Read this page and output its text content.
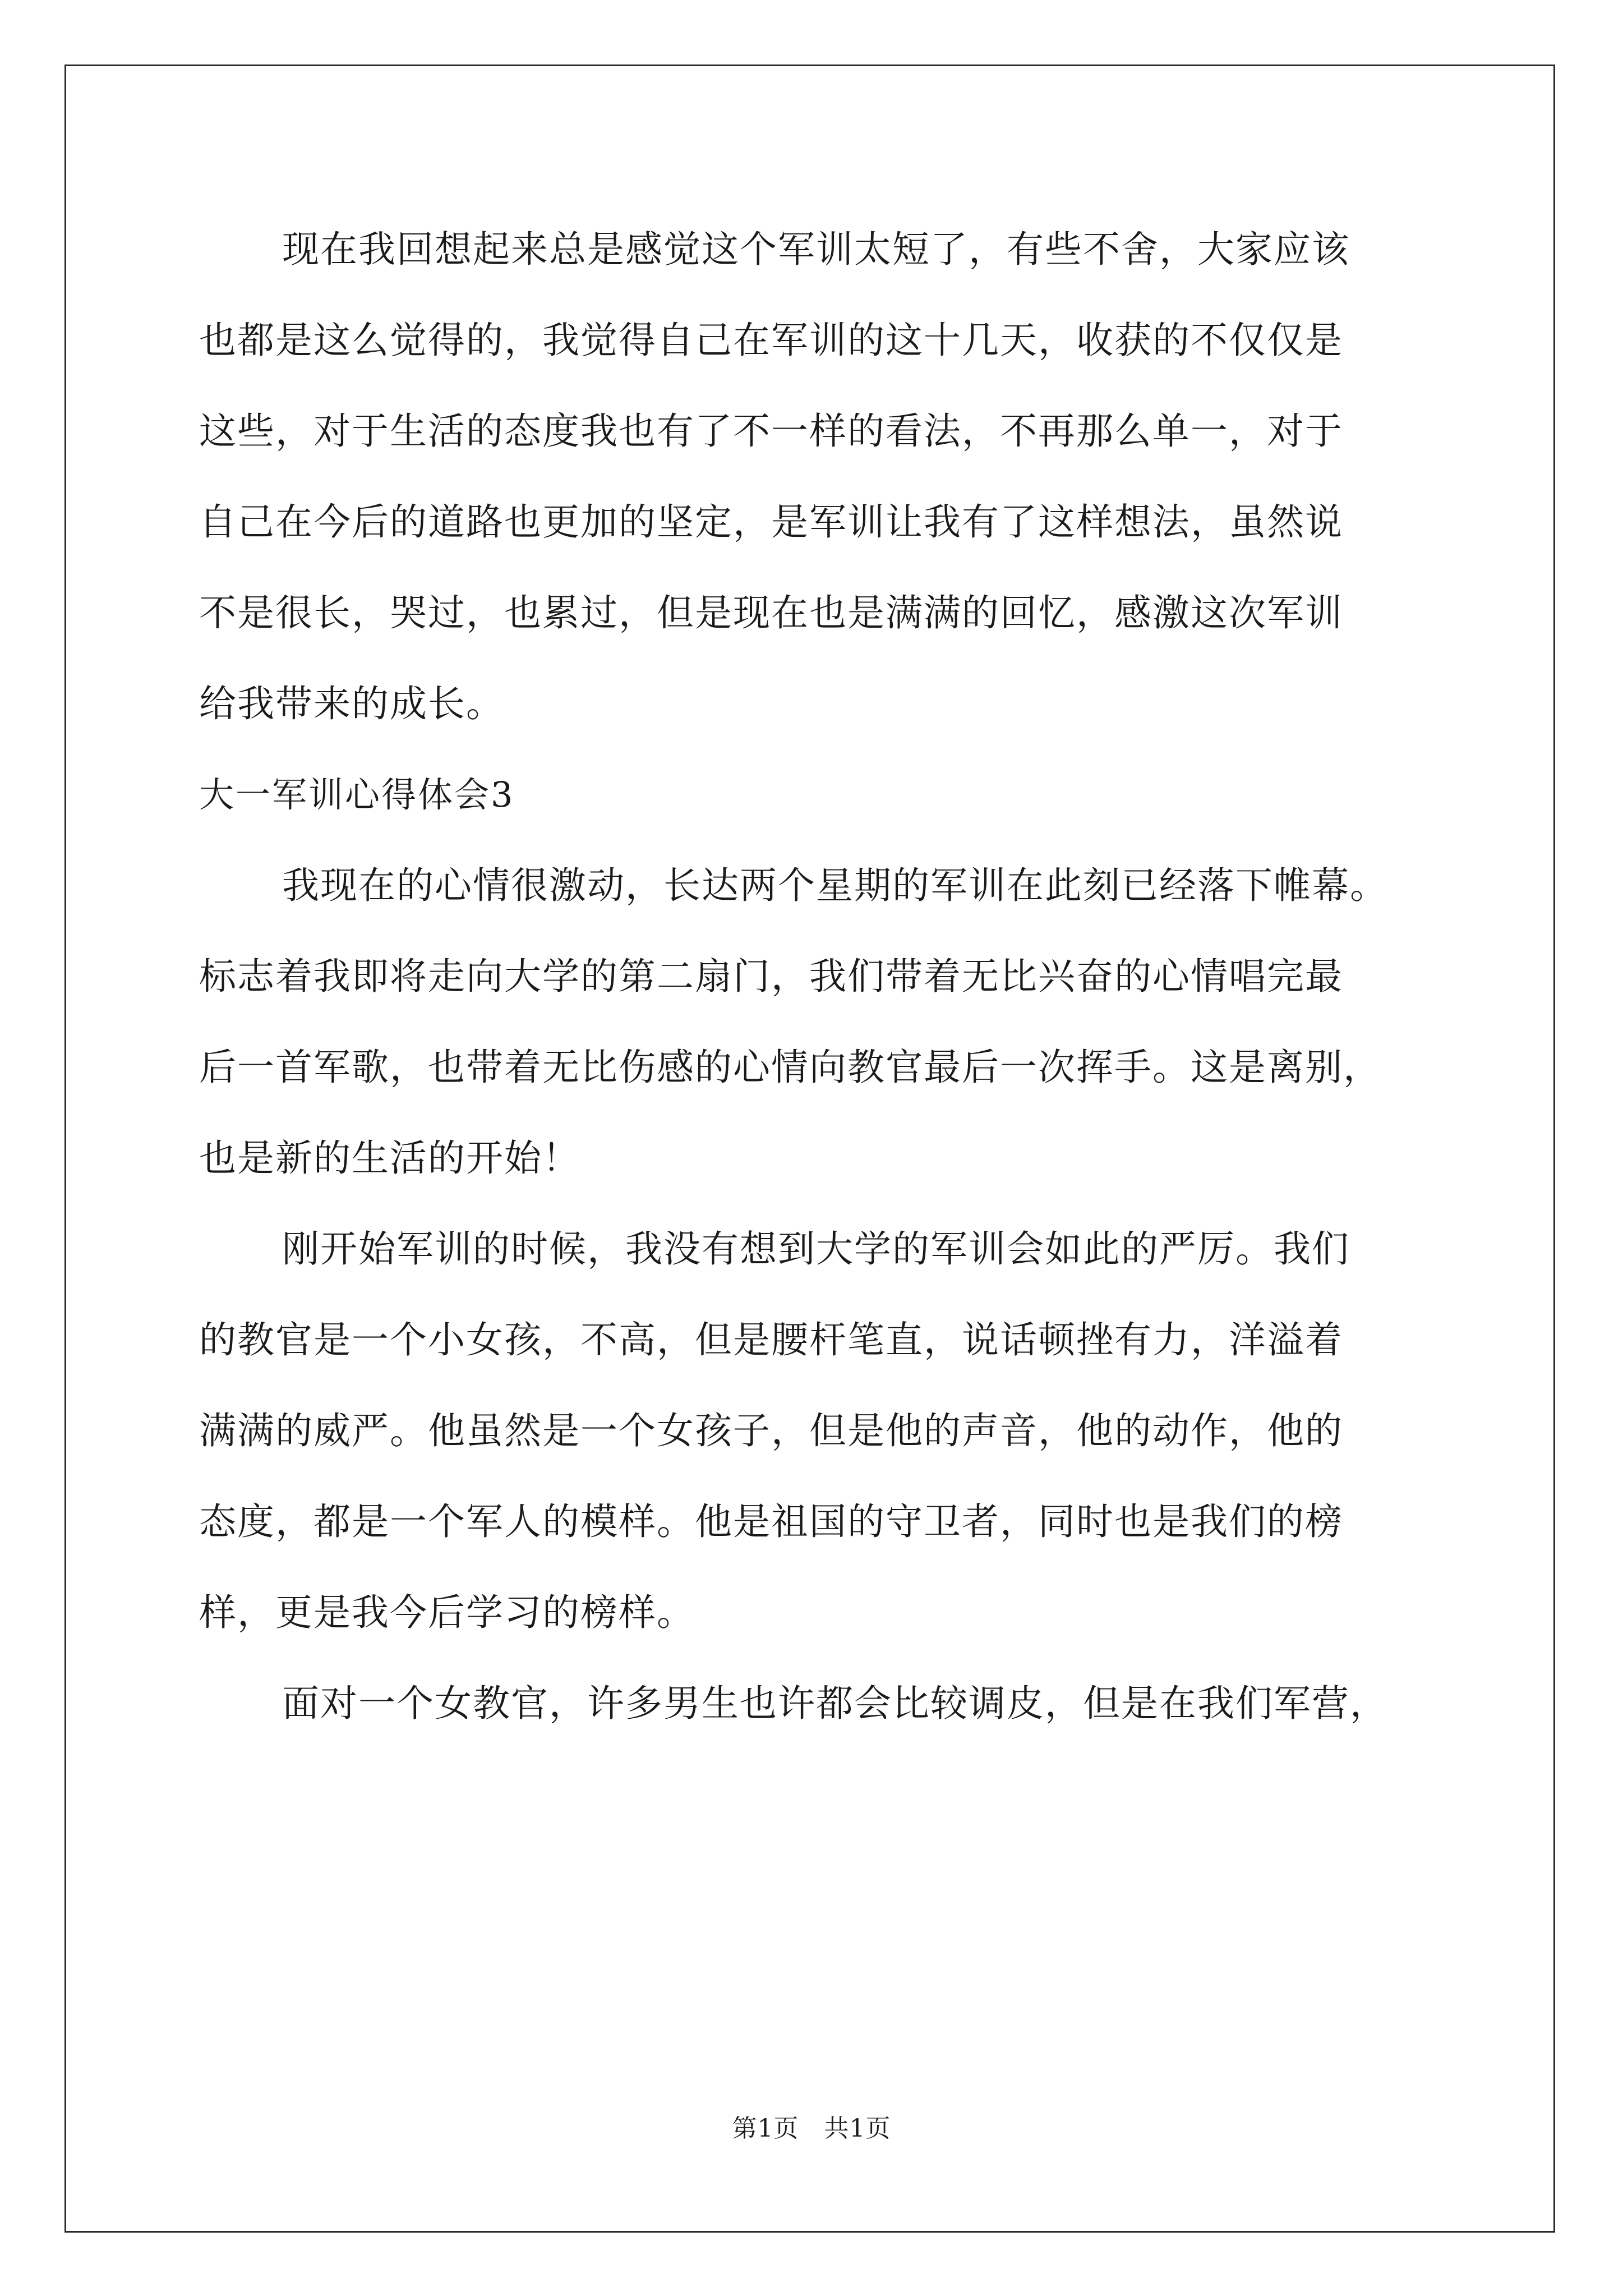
现在我回想起来总是感觉这个军训太短了，有些不舍，大家应该
也都是这么觉得的，我觉得自己在军训的这十几天，收获的不仅仅是
这些，对于生活的态度我也有了不一样的看法，不再那么单一，对于
自己在今后的道路也更加的坚定，是军训让我有了这样想法，虽然说
不是很长，哭过，也累过，但是现在也是满满的回忆，感激这次军训
给我带来的成长。
大一军训心得体会3
我现在的心情很激动，长达两个星期的军训在此刻已经落下帷幕。
标志着我即将走向大学的第二扇门，我们带着无比兴奋的心情唱完最
后一首军歌，也带着无比伤感的心情向教官最后一次挥手。这是离别，
也是新的生活的开始！
刚开始军训的时候，我没有想到大学的军训会如此的严厉。我们
的教官是一个小女孩，不高，但是腰杆笔直，说话顿挫有力，洋溢着
满满的威严。他虽然是一个女孩子，但是他的声音，他的动作，他的
态度，都是一个军人的模样。他是祖国的守卫者，同时也是我们的榜
样，更是我今后学习的榜样。
面对一个女教官，许多男生也许都会比较调皮，但是在我们军营，
第1页 共1页
